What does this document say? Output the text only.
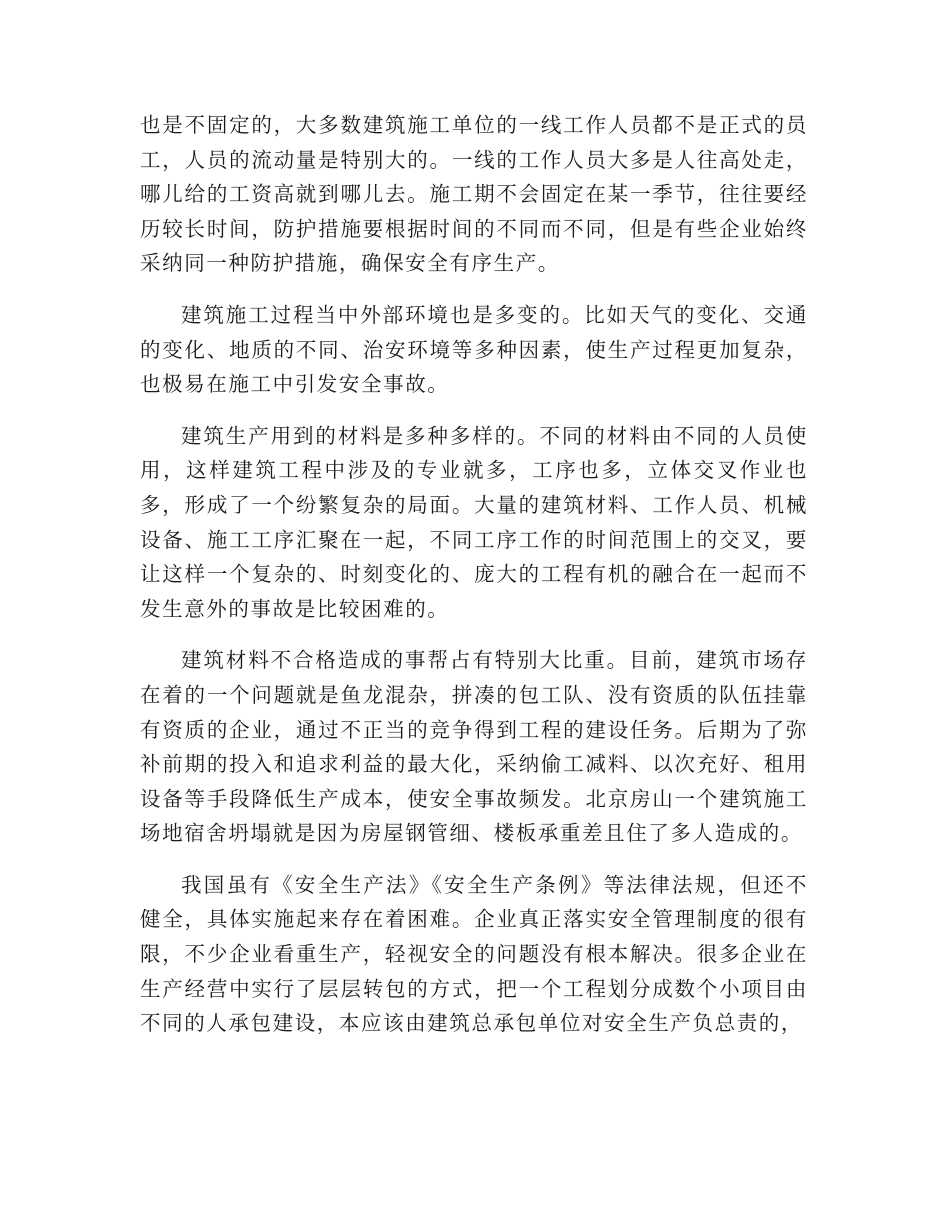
也是不固定的，大多数建筑施工单位的一线工作人员都不是正式的员工，人员的流动量是特别大的。一线的工作人员大多是人往高处走，哪儿给的工资高就到哪儿去。施工期不会固定在某一季节，往往要经历较长时间，防护措施要根据时间的不同而不同，但是有些企业始终采纳同一种防护措施，确保安全有序生产。

建筑施工过程当中外部环境也是多变的。比如天气的变化、交通的变化、地质的不同、治安环境等多种因素，使生产过程更加复杂，也极易在施工中引发安全事故。

建筑生产用到的材料是多种多样的。不同的材料由不同的人员使用，这样建筑工程中涉及的专业就多，工序也多，立体交叉作业也多，形成了一个纷繁复杂的局面。大量的建筑材料、工作人员、机械设备、施工工序汇聚在一起，不同工序工作的时间范围上的交叉，要让这样一个复杂的、时刻变化的、庞大的工程有机的融合在一起而不发生意外的事故是比较困难的。

建筑材料不合格造成的事帮占有特别大比重。目前，建筑市场存在着的一个问题就是鱼龙混杂，拼凑的包工队、没有资质的队伍挂靠有资质的企业，通过不正当的竞争得到工程的建设任务。后期为了弥补前期的投入和追求利益的最大化，采纳偷工减料、以次充好、租用设备等手段降低生产成本，使安全事故频发。北京房山一个建筑施工场地宿舍坍塌就是因为房屋钢管细、楼板承重差且住了多人造成的。

我国虽有《安全生产法》《安全生产条例》等法律法规，但还不健全，具体实施起来存在着困难。企业真正落实安全管理制度的很有限，不少企业看重生产，轻视安全的问题没有根本解决。很多企业在生产经营中实行了层层转包的方式，把一个工程划分成数个小项目由不同的人承包建设，本应该由建筑总承包单位对安全生产负总责的，
